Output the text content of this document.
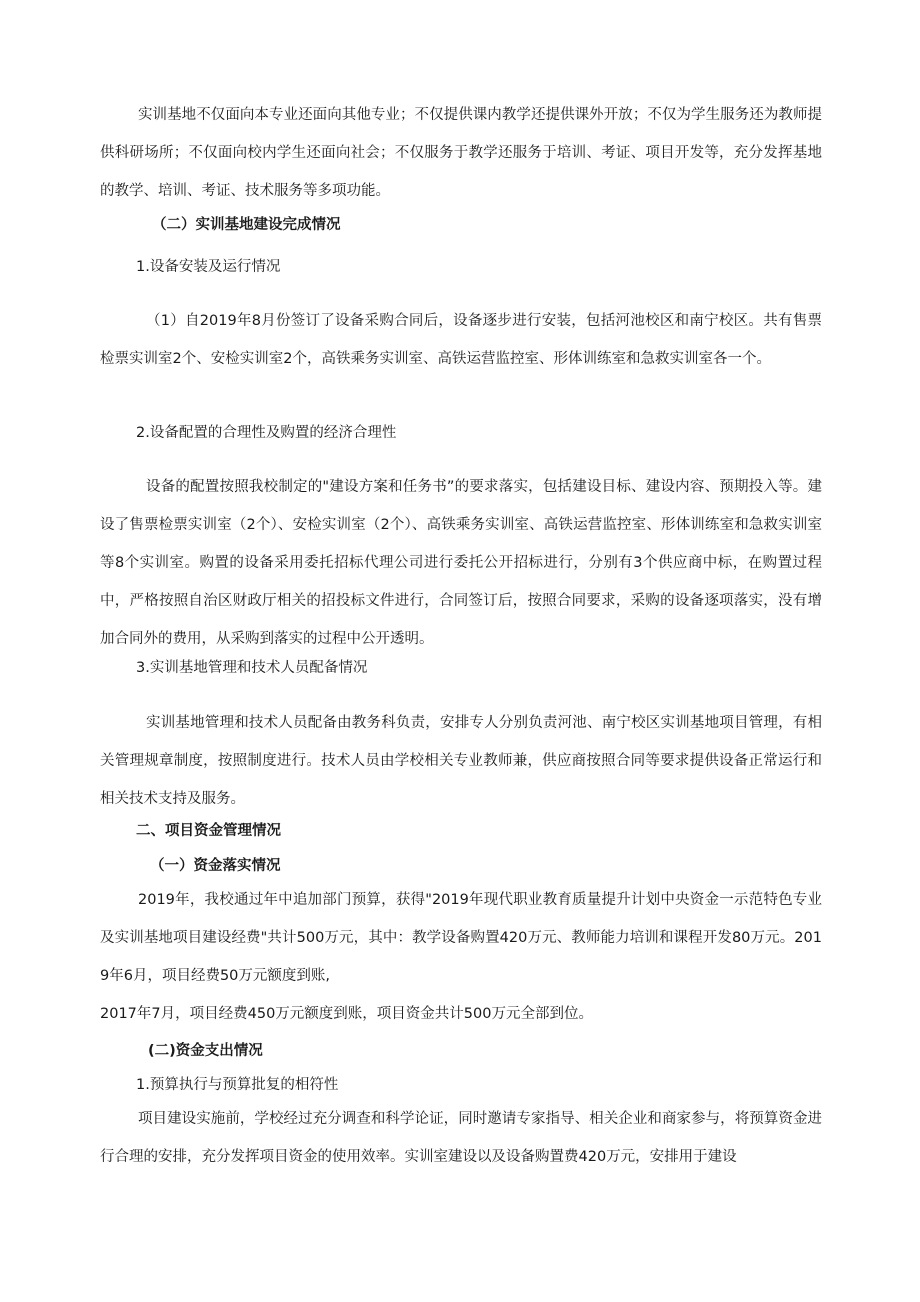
实训基地不仅面向本专业还面向其他专业；不仅提供课内教学还提供课外开放；不仅为学生服务还为教师提供科研场所；不仅面向校内学生还面向社会；不仅服务于教学还服务于培训、考证、项目开发等，充分发挥基地的教学、培训、考证、技术服务等多项功能。

（二）实训基地建设完成情况

1.设备安装及运行情况

（1）自2019年8月份签订了设备采购合同后，设备逐步进行安装，包括河池校区和南宁校区。共有售票检票实训室2个、安检实训室2个，高铁乘务实训室、高铁运营监控室、形体训练室和急救实训室各一个。

2.设备配置的合理性及购置的经济合理性

设备的配置按照我校制定的"建设方案和任务书”的要求落实，包括建设目标、建设内容、预期投入等。建设了售票检票实训室（2个）、安检实训室（2个）、高铁乘务实训室、高铁运营监控室、形体训练室和急救实训室等8个实训室。购置的设备采用委托招标代理公司进行委托公开招标进行，分别有3个供应商中标，在购置过程中，严格按照自治区财政厅相关的招投标文件进行，合同签订后，按照合同要求，采购的设备逐项落实，没有增加合同外的费用，从采购到落实的过程中公开透明。

3.实训基地管理和技术人员配备情况

实训基地管理和技术人员配备由教务科负责，安排专人分别负责河池、南宁校区实训基地项目管理，有相关管理规章制度，按照制度进行。技术人员由学校相关专业教师兼，供应商按照合同等要求提供设备正常运行和相关技术支持及服务。

二、项目资金管理情况

（一）资金落实情况

2019年，我校通过年中追加部门预算，获得"2019年现代职业教育质量提升计划中央资金一示范特色专业及实训基地项目建设经费"共计500万元，其中：教学设备购置420万元、教师能力培训和课程开发80万元。2019年6月，项目经费50万元额度到账,

2017年7月，项目经费450万元额度到账，项目资金共计500万元全部到位。

(二)资金支出情况

1.预算执行与预算批复的相符性

项目建设实施前，学校经过充分调查和科学论证，同时邀请专家指导、相关企业和商家参与，将预算资金进行合理的安排，充分发挥项目资金的使用效率。实训室建设以及设备购置费420万元，安排用于建设
